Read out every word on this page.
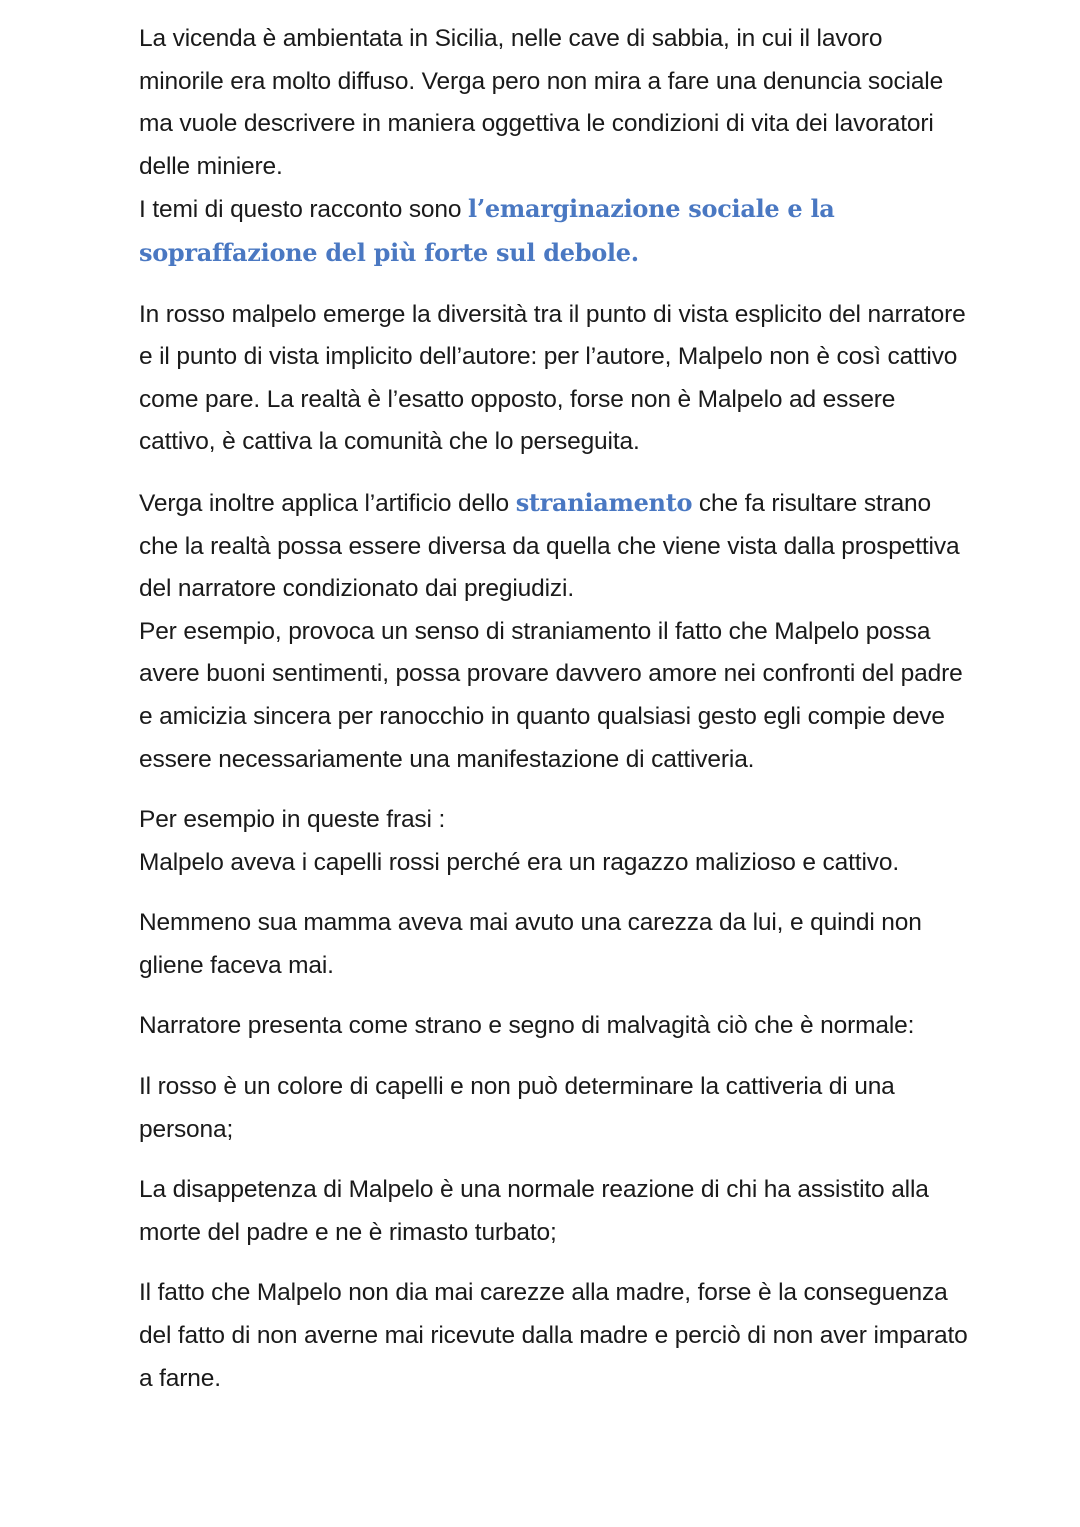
La vicenda è ambientata in Sicilia, nelle cave di sabbia, in cui il lavoro minorile era molto diffuso. Verga pero non mira a fare una denuncia sociale ma vuole descrivere in maniera oggettiva le condizioni di vita dei lavoratori delle miniere.
I temi di questo racconto sono l’emarginazione sociale e la sopraffazione del più forte sul debole.

In rosso malpelo emerge la diversità tra il punto di vista esplicito del narratore e il punto di vista implicito dell’autore: per l’autore, Malpelo non è così cattivo come pare. La realtà è l’esatto opposto, forse non è Malpelo ad essere cattivo, è cattiva la comunità che lo perseguita.

Verga inoltre applica l’artificio dello straniamento che fa risultare strano che la realtà possa essere diversa da quella che viene vista dalla prospettiva del narratore condizionato dai pregiudizi.
Per esempio, provoca un senso di straniamento il fatto che Malpelo possa avere buoni sentimenti, possa provare davvero amore nei confronti del padre e amicizia sincera per ranocchio in quanto qualsiasi gesto egli compie deve essere necessariamente una manifestazione di cattiveria.

Per esempio in queste frasi :
Malpelo aveva i capelli rossi perché era un ragazzo malizioso e cattivo.

Nemmeno sua mamma aveva mai avuto una carezza da lui, e quindi non gliene faceva mai.

Narratore presenta come strano e segno di malvagità ciò che è normale:

Il rosso è un colore di capelli e non può determinare la cattiveria di una persona;

La disappetenza di Malpelo è una normale reazione di chi ha assistito alla morte del padre e ne è rimasto turbato;

Il fatto che Malpelo non dia mai carezze alla madre, forse è la conseguenza del fatto di non averne mai ricevute dalla madre e perciò di non aver imparato a farne.
